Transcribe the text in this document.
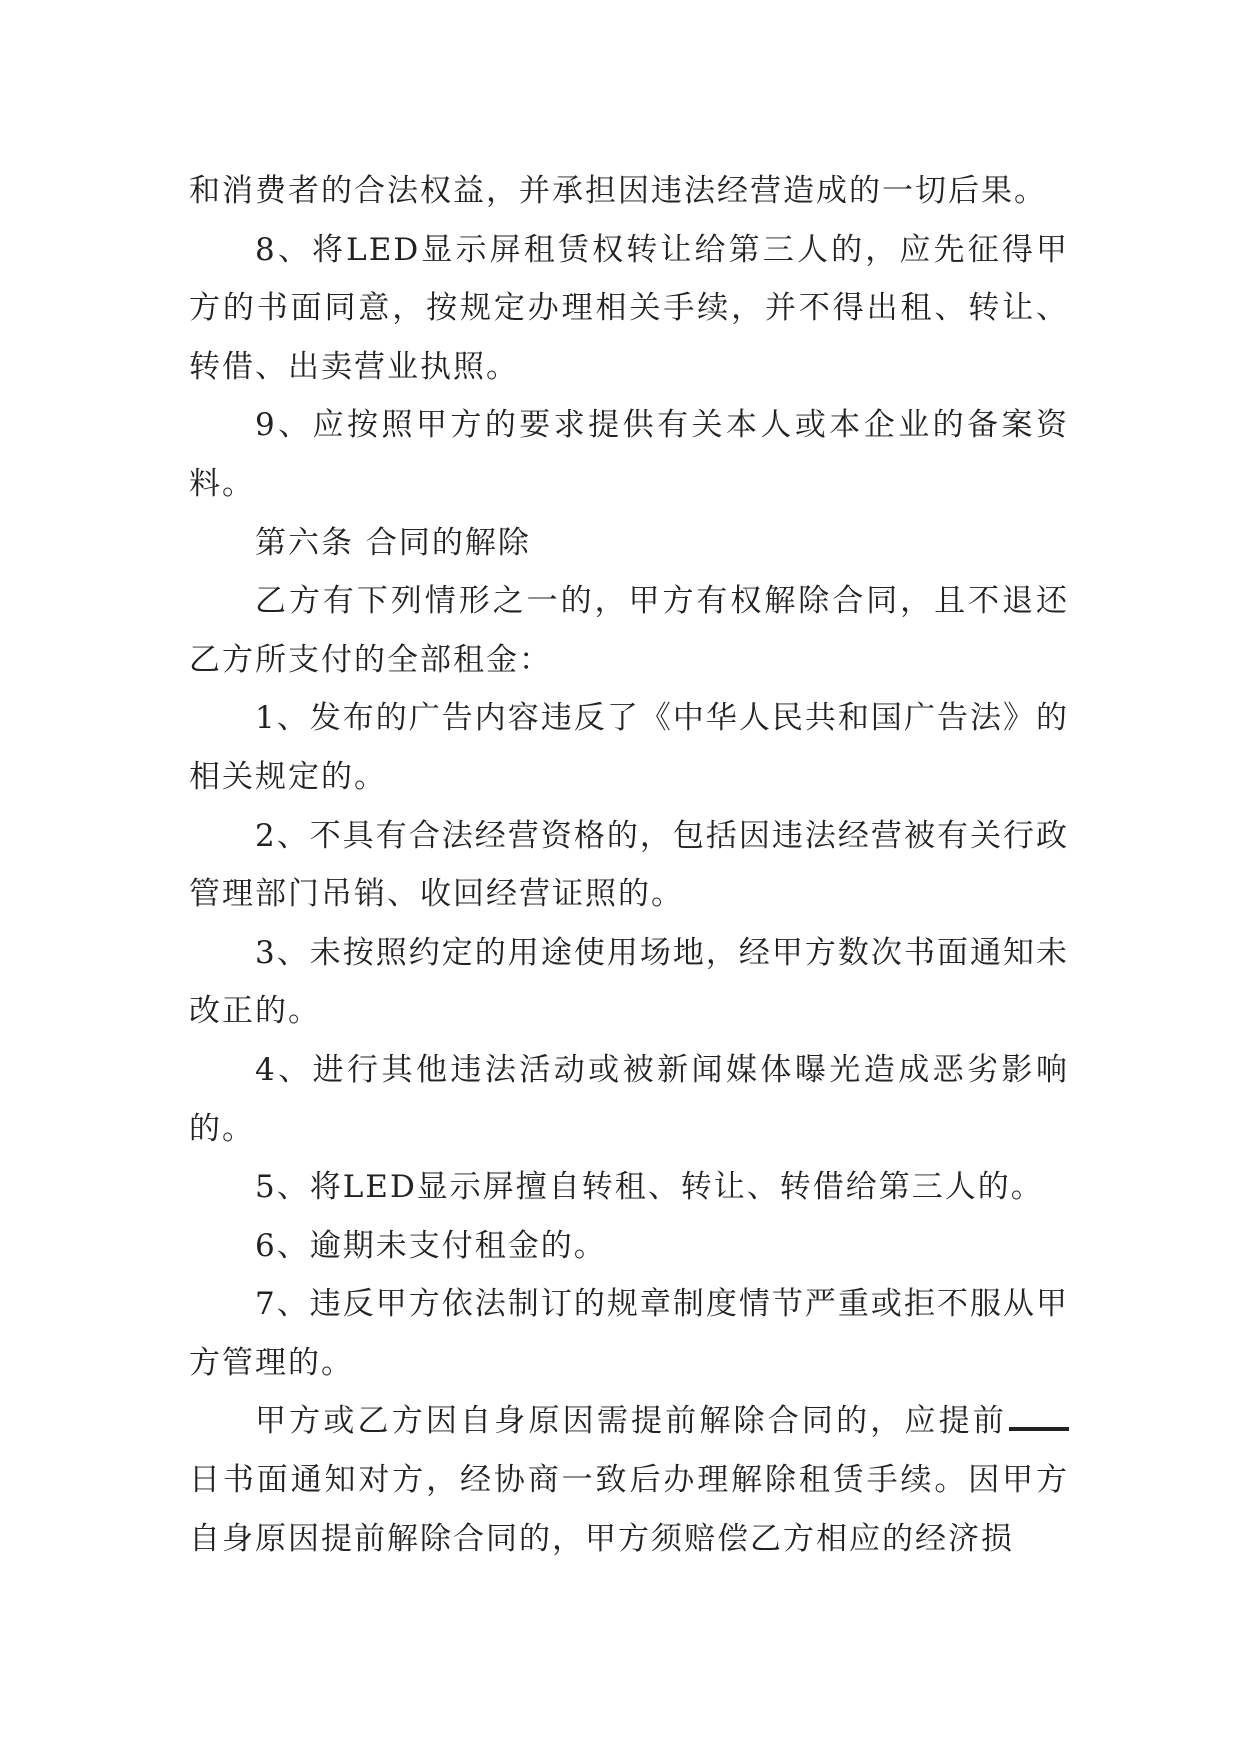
和消费者的合法权益，并承担因违法经营造成的一切后果。

8、将LED显示屏租赁权转让给第三人的，应先征得甲方的书面同意，按规定办理相关手续，并不得出租、转让、转借、出卖营业执照。

9、应按照甲方的要求提供有关本人或本企业的备案资料。

第六条 合同的解除

乙方有下列情形之一的，甲方有权解除合同，且不退还乙方所支付的全部租金：

1、发布的广告内容违反了《中华人民共和国广告法》的相关规定的。

2、不具有合法经营资格的，包括因违法经营被有关行政管理部门吊销、收回经营证照的。

3、未按照约定的用途使用场地，经甲方数次书面通知未改正的。

4、进行其他违法活动或被新闻媒体曝光造成恶劣影响的。

5、将LED显示屏擅自转租、转让、转借给第三人的。

6、逾期未支付租金的。

7、违反甲方依法制订的规章制度情节严重或拒不服从甲方管理的。

甲方或乙方因自身原因需提前解除合同的，应提前日书面通知对方，经协商一致后办理解除租赁手续。因甲方自身原因提前解除合同的，甲方须赔偿乙方相应的经济损
